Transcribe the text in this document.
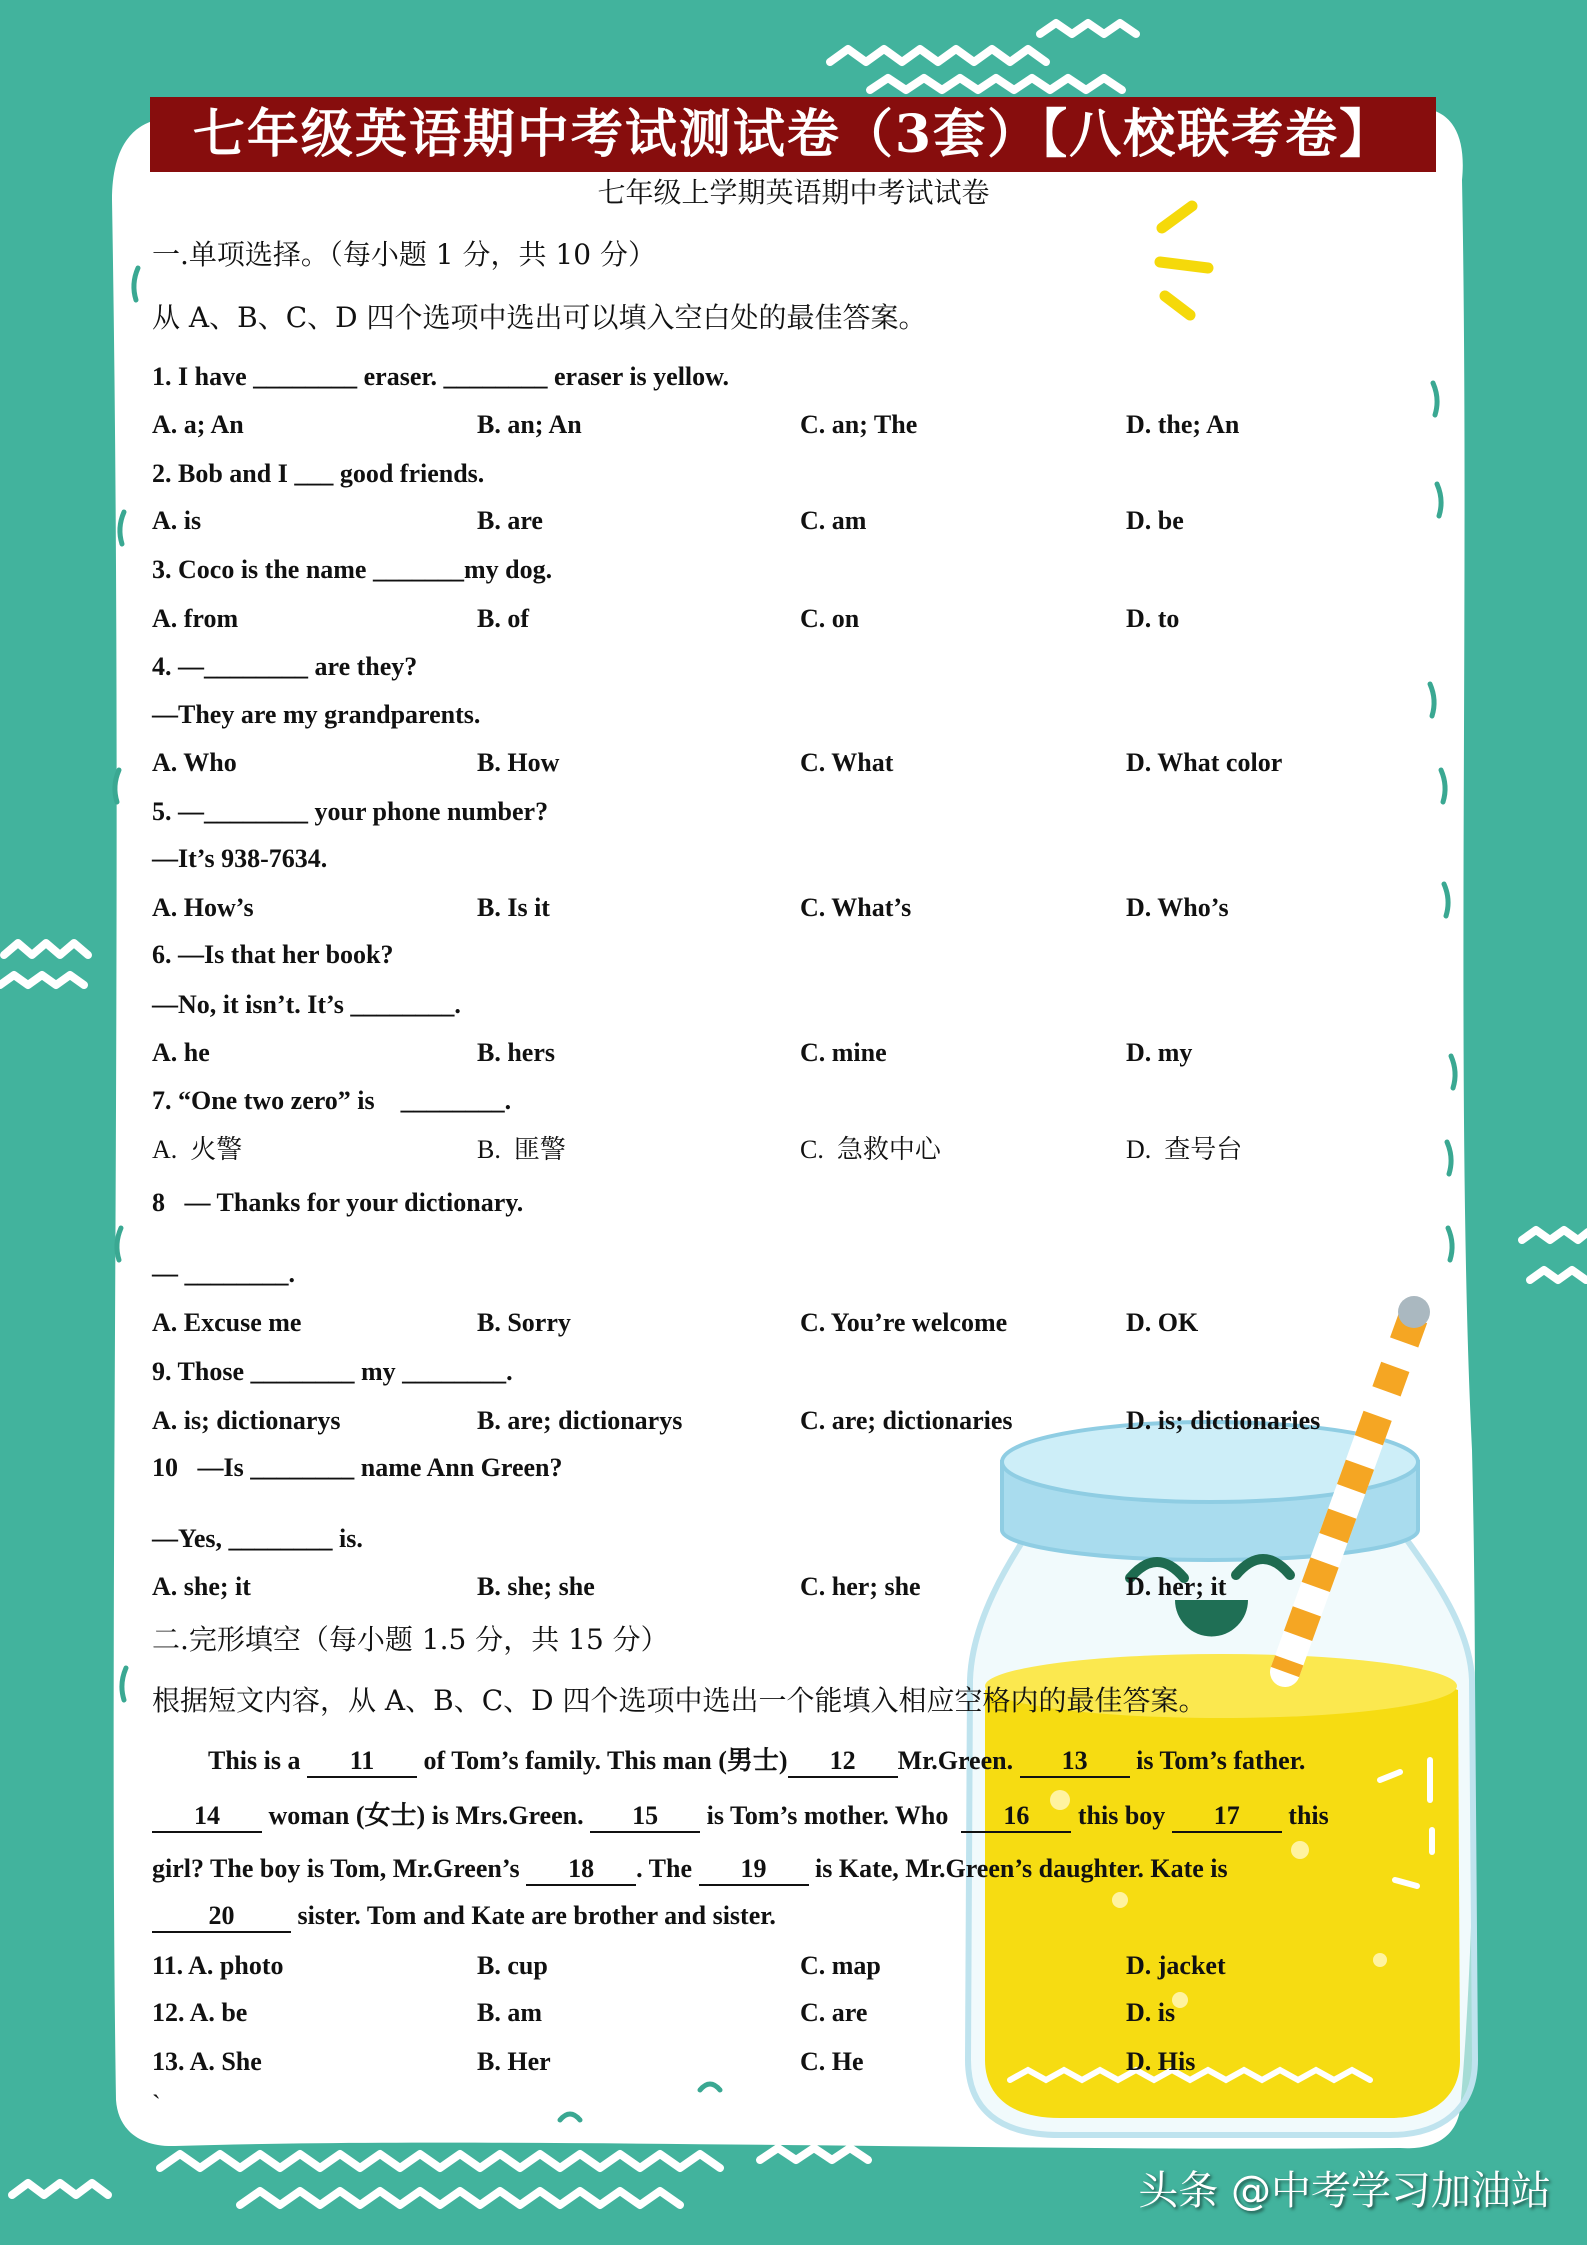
七年级英语期中考试测试卷（3套）【八校联考卷】
七年级上学期英语期中考试试卷
一.单项选择。（每小题 1 分，共 10 分）
从 A、B、C、D 四个选项中选出可以填入空白处的最佳答案。
1. I have ________ eraser. ________ eraser is yellow.
A. a; An	B. an; An	C. an; The	D. the; An
2. Bob and I ___ good friends.
A. is	B. are	C. am	D. be
3. Coco is the name _______my dog.
A. from	B. of	C. on	D. to
4. —________ are they?
—They are my grandparents.
A. Who	B. How	C. What	D. What color
5. —________ your phone number?
—It’s 938-7634.
A. How’s	B. Is it	C. What’s	D. Who’s
6. —Is that her book?
—No, it isn’t. It’s ________.
A. he	B. hers	C. mine	D. my
7. “One two zero” is    ________.
A.  火警	B.  匪警	C.  急救中心	D.  查号台
8   — Thanks for your dictionary.
— ________.
A. Excuse me	B. Sorry	C. You’re welcome	D. OK
9. Those ________ my ________.
A. is; dictionarys	B. are; dictionarys	C. are; dictionaries	D. is; dictionaries
10   —Is ________ name Ann Green?
—Yes, ________ is.
A. she; it	B. she; she	C. her; she	D. her; it
二.完形填空（每小题 1.5 分，共 15 分）
根据短文内容，从 A、B、C、D 四个选项中选出一个能填入相应空格内的最佳答案。
This is a 11 of Tom’s family. This man (男士) 12 Mr.Green. 13 is Tom’s father.
14 woman (女士) is Mrs.Green. 15 is Tom’s mother. Who  16 this boy 17 this
girl? The boy is Tom, Mr.Green’s 18 . The 19 is Kate, Mr.Green’s daughter. Kate is
20 sister. Tom and Kate are brother and sister.
11. A. photo	B. cup	C. map	D. jacket
12. A. be	B. am	C. are	D. is
13. A. She	B. Her	C. He	D. His
`
头条 @中考学习加油站
